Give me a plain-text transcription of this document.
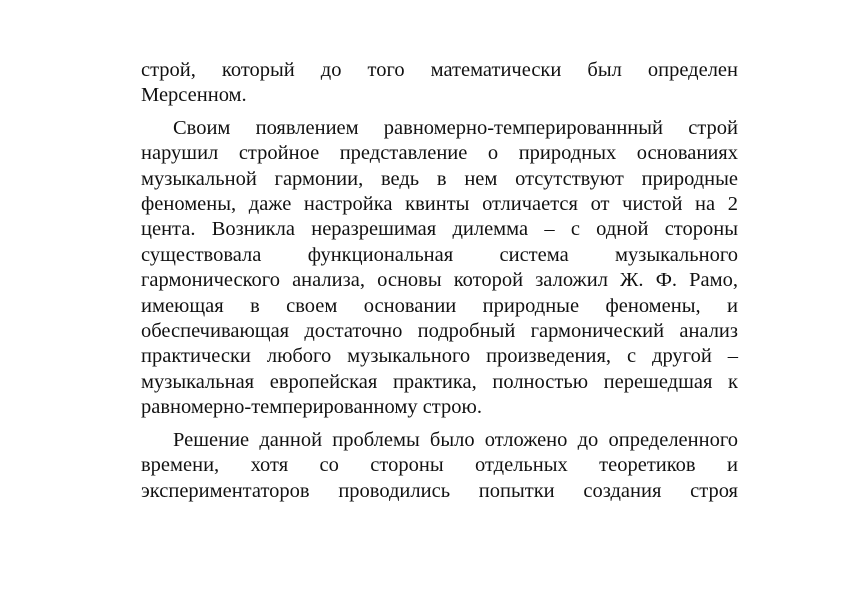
строй, который до того математически был определен
Мерсенном.
Своим появлением равномерно-темперированнный строй
нарушил стройное представление о природных основаниях
музыкальной гармонии, ведь в нем отсутствуют природные
феномены, даже настройка квинты отличается от чистой на 2
цента. Возникла неразрешимая дилемма – с одной стороны
существовала функциональная система музыкального
гармонического анализа, основы которой заложил Ж. Ф. Рамо,
имеющая в своем основании природные феномены, и
обеспечивающая достаточно подробный гармонический анализ
практически любого музыкального произведения, с другой –
музыкальная европейская практика, полностью перешедшая к
равномерно-темперированному строю.
Решение данной проблемы было отложено до определенного
времени, хотя со стороны отдельных теоретиков и
экспериментаторов проводились попытки создания строя
